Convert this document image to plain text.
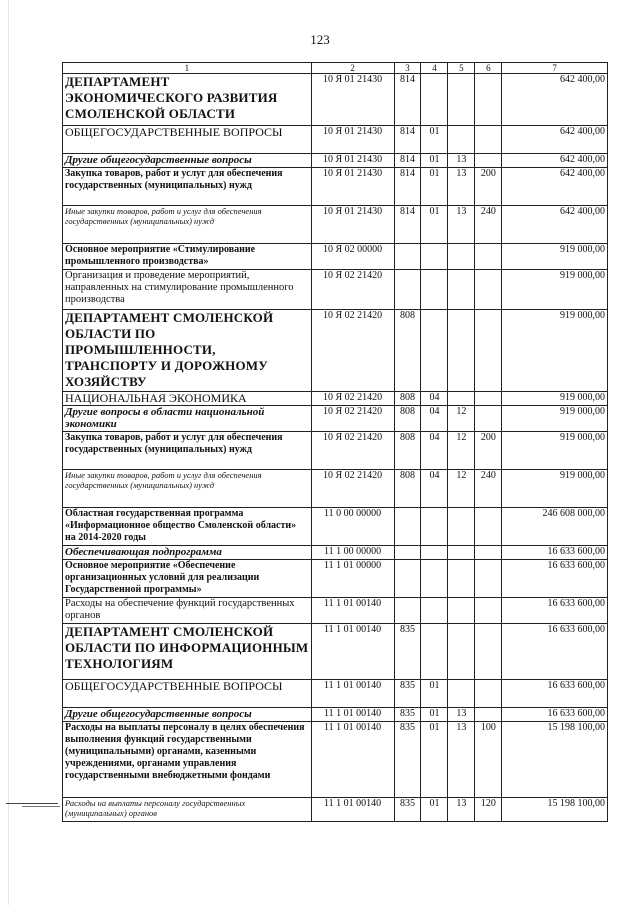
123
1	2	3	4	5	6	7

ДЕПАРТАМЕНТ ЭКОНОМИЧЕСКОГО РАЗВИТИЯ СМОЛЕНСКОЙ ОБЛАСТИ	10 Я 01 21430	814				642 400,00

ОБЩЕГОСУДАРСТВЕННЫЕ ВОПРОСЫ	10 Я 01 21430	814	01			642 400,00

Другие общегосударственные вопросы	10 Я 01 21430	814	01	13		642 400,00

Закупка товаров, работ и услуг для обеспечения государственных (муниципальных) нужд	10 Я 01 21430	814	01	13	200	642 400,00

Иные закупки товаров, работ и услуг для обеспечения государственных (муниципальных) нужд	10 Я 01 21430	814	01	13	240	642 400,00

Основное мероприятие «Стимулирование промышленного производства»	10 Я 02 00000					919 000,00

Организация и проведение мероприятий, направленных на стимулирование промышленного производства	10 Я 02 21420					919 000,00

ДЕПАРТАМЕНТ СМОЛЕНСКОЙ ОБЛАСТИ ПО ПРОМЫШЛЕННОСТИ, ТРАНСПОРТУ И ДОРОЖНОМУ ХОЗЯЙСТВУ	10 Я 02 21420	808				919 000,00

НАЦИОНАЛЬНАЯ ЭКОНОМИКА	10 Я 02 21420	808	04			919 000,00

Другие вопросы в области национальной экономики	10 Я 02 21420	808	04	12		919 000,00

Закупка товаров, работ и услуг для обеспечения государственных (муниципальных) нужд	10 Я 02 21420	808	04	12	200	919 000,00

Иные закупки товаров, работ и услуг для обеспечения государственных (муниципальных) нужд	10 Я 02 21420	808	04	12	240	919 000,00

Областная государственная программа «Информационное общество Смоленской области» на 2014-2020 годы	11 0 00 00000					246 608 000,00

Обеспечивающая подпрограмма	11 1 00 00000					16 633 600,00

Основное мероприятие «Обеспечение организационных условий для реализации Государственной программы»	11 1 01 00000					16 633 600,00

Расходы на обеспечение функций государственных органов	11 1 01 00140					16 633 600,00

ДЕПАРТАМЕНТ СМОЛЕНСКОЙ ОБЛАСТИ ПО ИНФОРМАЦИОННЫМ ТЕХНОЛОГИЯМ	11 1 01 00140	835				16 633 600,00

ОБЩЕГОСУДАРСТВЕННЫЕ ВОПРОСЫ	11 1 01 00140	835	01			16 633 600,00

Другие общегосударственные вопросы	11 1 01 00140	835	01	13		16 633 600,00

Расходы на выплаты персоналу в целях обеспечения выполнения функций государственными (муниципальными) органами, казенными учреждениями, органами управления государственными внебюджетными фондами	11 1 01 00140	835	01	13	100	15 198 100,00

Расходы на выплаты персоналу государственных (муниципальных) органов	11 1 01 00140	835	01	13	120	15 198 100,00
